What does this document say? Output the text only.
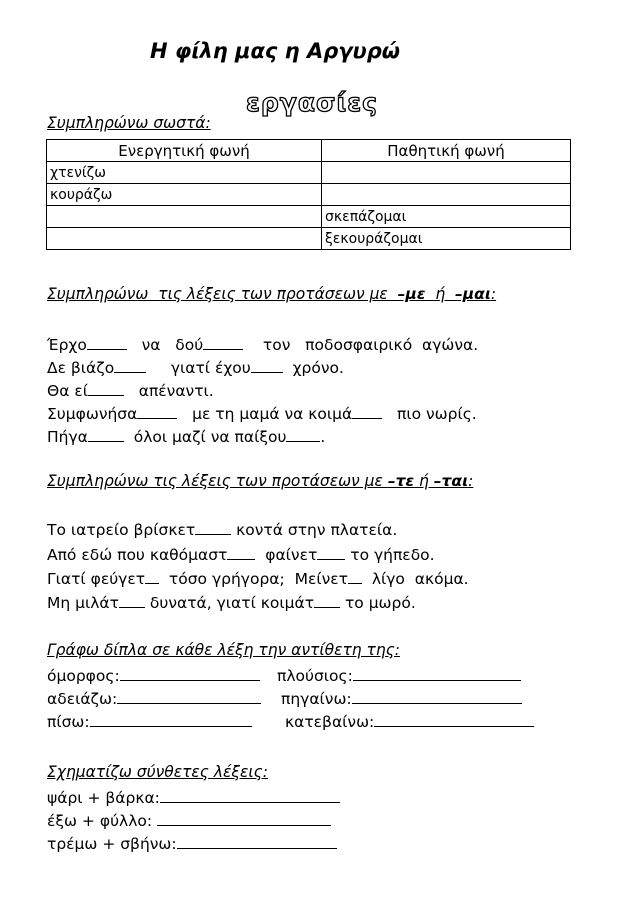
Η φίλη μας η Αργυρώ
εργασίες
Συμπληρώνω σωστά:
Ενεργητική φωνή	Παθητική φωνή
χτενίζω	
κουράζω	
	σκεπάζομαι
	ξεκουράζομαι
Συμπληρώνω  τις λέξεις των προτάσεων με  –με  ή  –μαι:
Έρχο	να   δού	τον   ποδοσφαιρικό  αγώνα.
Δε βιάζο     γιατί έχου  χρόνο.
Θα εί   απέναντι.
Συμφωνήσα	με τη μαμά να κοιμά   πιο νωρίς.
Πήγα  όλοι μαζί να παίξου .
Συμπληρώνω τις λέξεις των προτάσεων με –τε ή –ται:
Το ιατρείο βρίσκετ κοντά στην πλατεία.
Από εδώ που καθόμαστ  φαίνετ το γήπεδο.
Γιατί φεύγετ  τόσο γρήγορα;  Μείνετ  λίγο  ακόμα.
Μη μιλάτ δυνατά, γιατί κοιμάτ το μωρό.
Γράφω δίπλα σε κάθε λέξη την αντίθετη της:
όμορφος:	πλούσιος:
αδειάζω:	πηγαίνω:
πίσω:	κατεβαίνω:
Σχηματίζω σύνθετες λέξεις:
ψάρι + βάρκα:
έξω + φύλλο:
τρέμω + σβήνω:
